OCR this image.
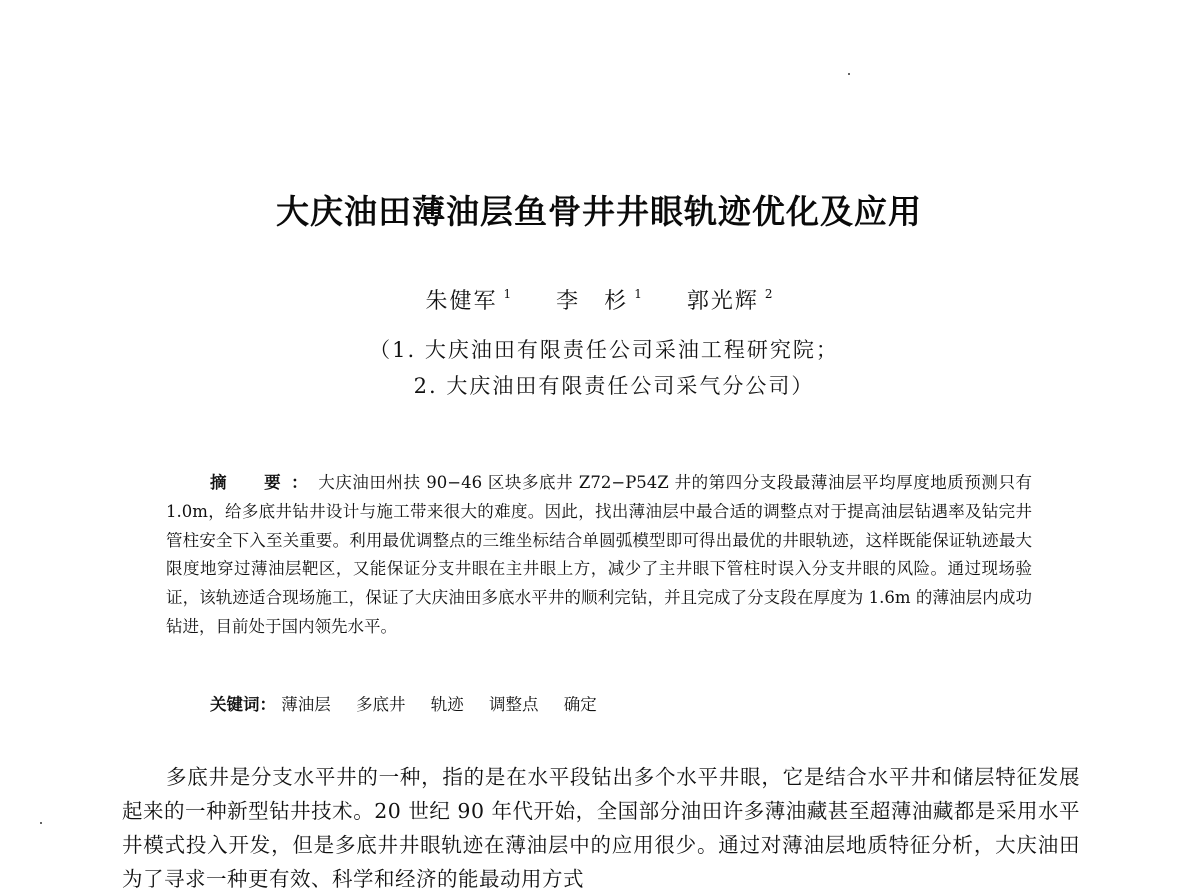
大庆油田薄油层鱼骨井井眼轨迹优化及应用
朱健军 $^1$ 李　杉 $^1$ 郭光辉 $^2$
（1. 大庆油田有限责任公司采油工程研究院；
2. 大庆油田有限责任公司采气分公司）

摘　要：大庆油田州扶 90−46 区块多底井 Z72−P54Z 井的第四分支段最薄油层平均厚度地质预测只有 1.0m，给多底井钻井设计与施工带来很大的难度。因此，找出薄油层中最合适的调整点对于提高油层钻遇率及钻完井管柱安全下入至关重要。利用最优调整点的三维坐标结合单圆弧模型即可得出最优的井眼轨迹，这样既能保证轨迹最大限度地穿过薄油层靶区，又能保证分支井眼在主井眼上方，减少了主井眼下管柱时误入分支井眼的风险。通过现场验证，该轨迹适合现场施工，保证了大庆油田多底水平井的顺利完钻，并且完成了分支段在厚度为 1.6m 的薄油层内成功钻进，目前处于国内领先水平。

关键词： 薄油层 多底井 轨迹 调整点 确定

多底井是分支水平井的一种，指的是在水平段钻出多个水平井眼，它是结合水平井和储层特征发展起来的一种新型钻井技术。20 世纪 90 年代开始，全国部分油田许多薄油藏甚至超薄油藏都是采用水平井模式投入开发，但是多底井井眼轨迹在薄油层中的应用很少。通过对薄油层地质特征分析，大庆油田为了寻求一种更有效、科学和经济的能最动用方式
